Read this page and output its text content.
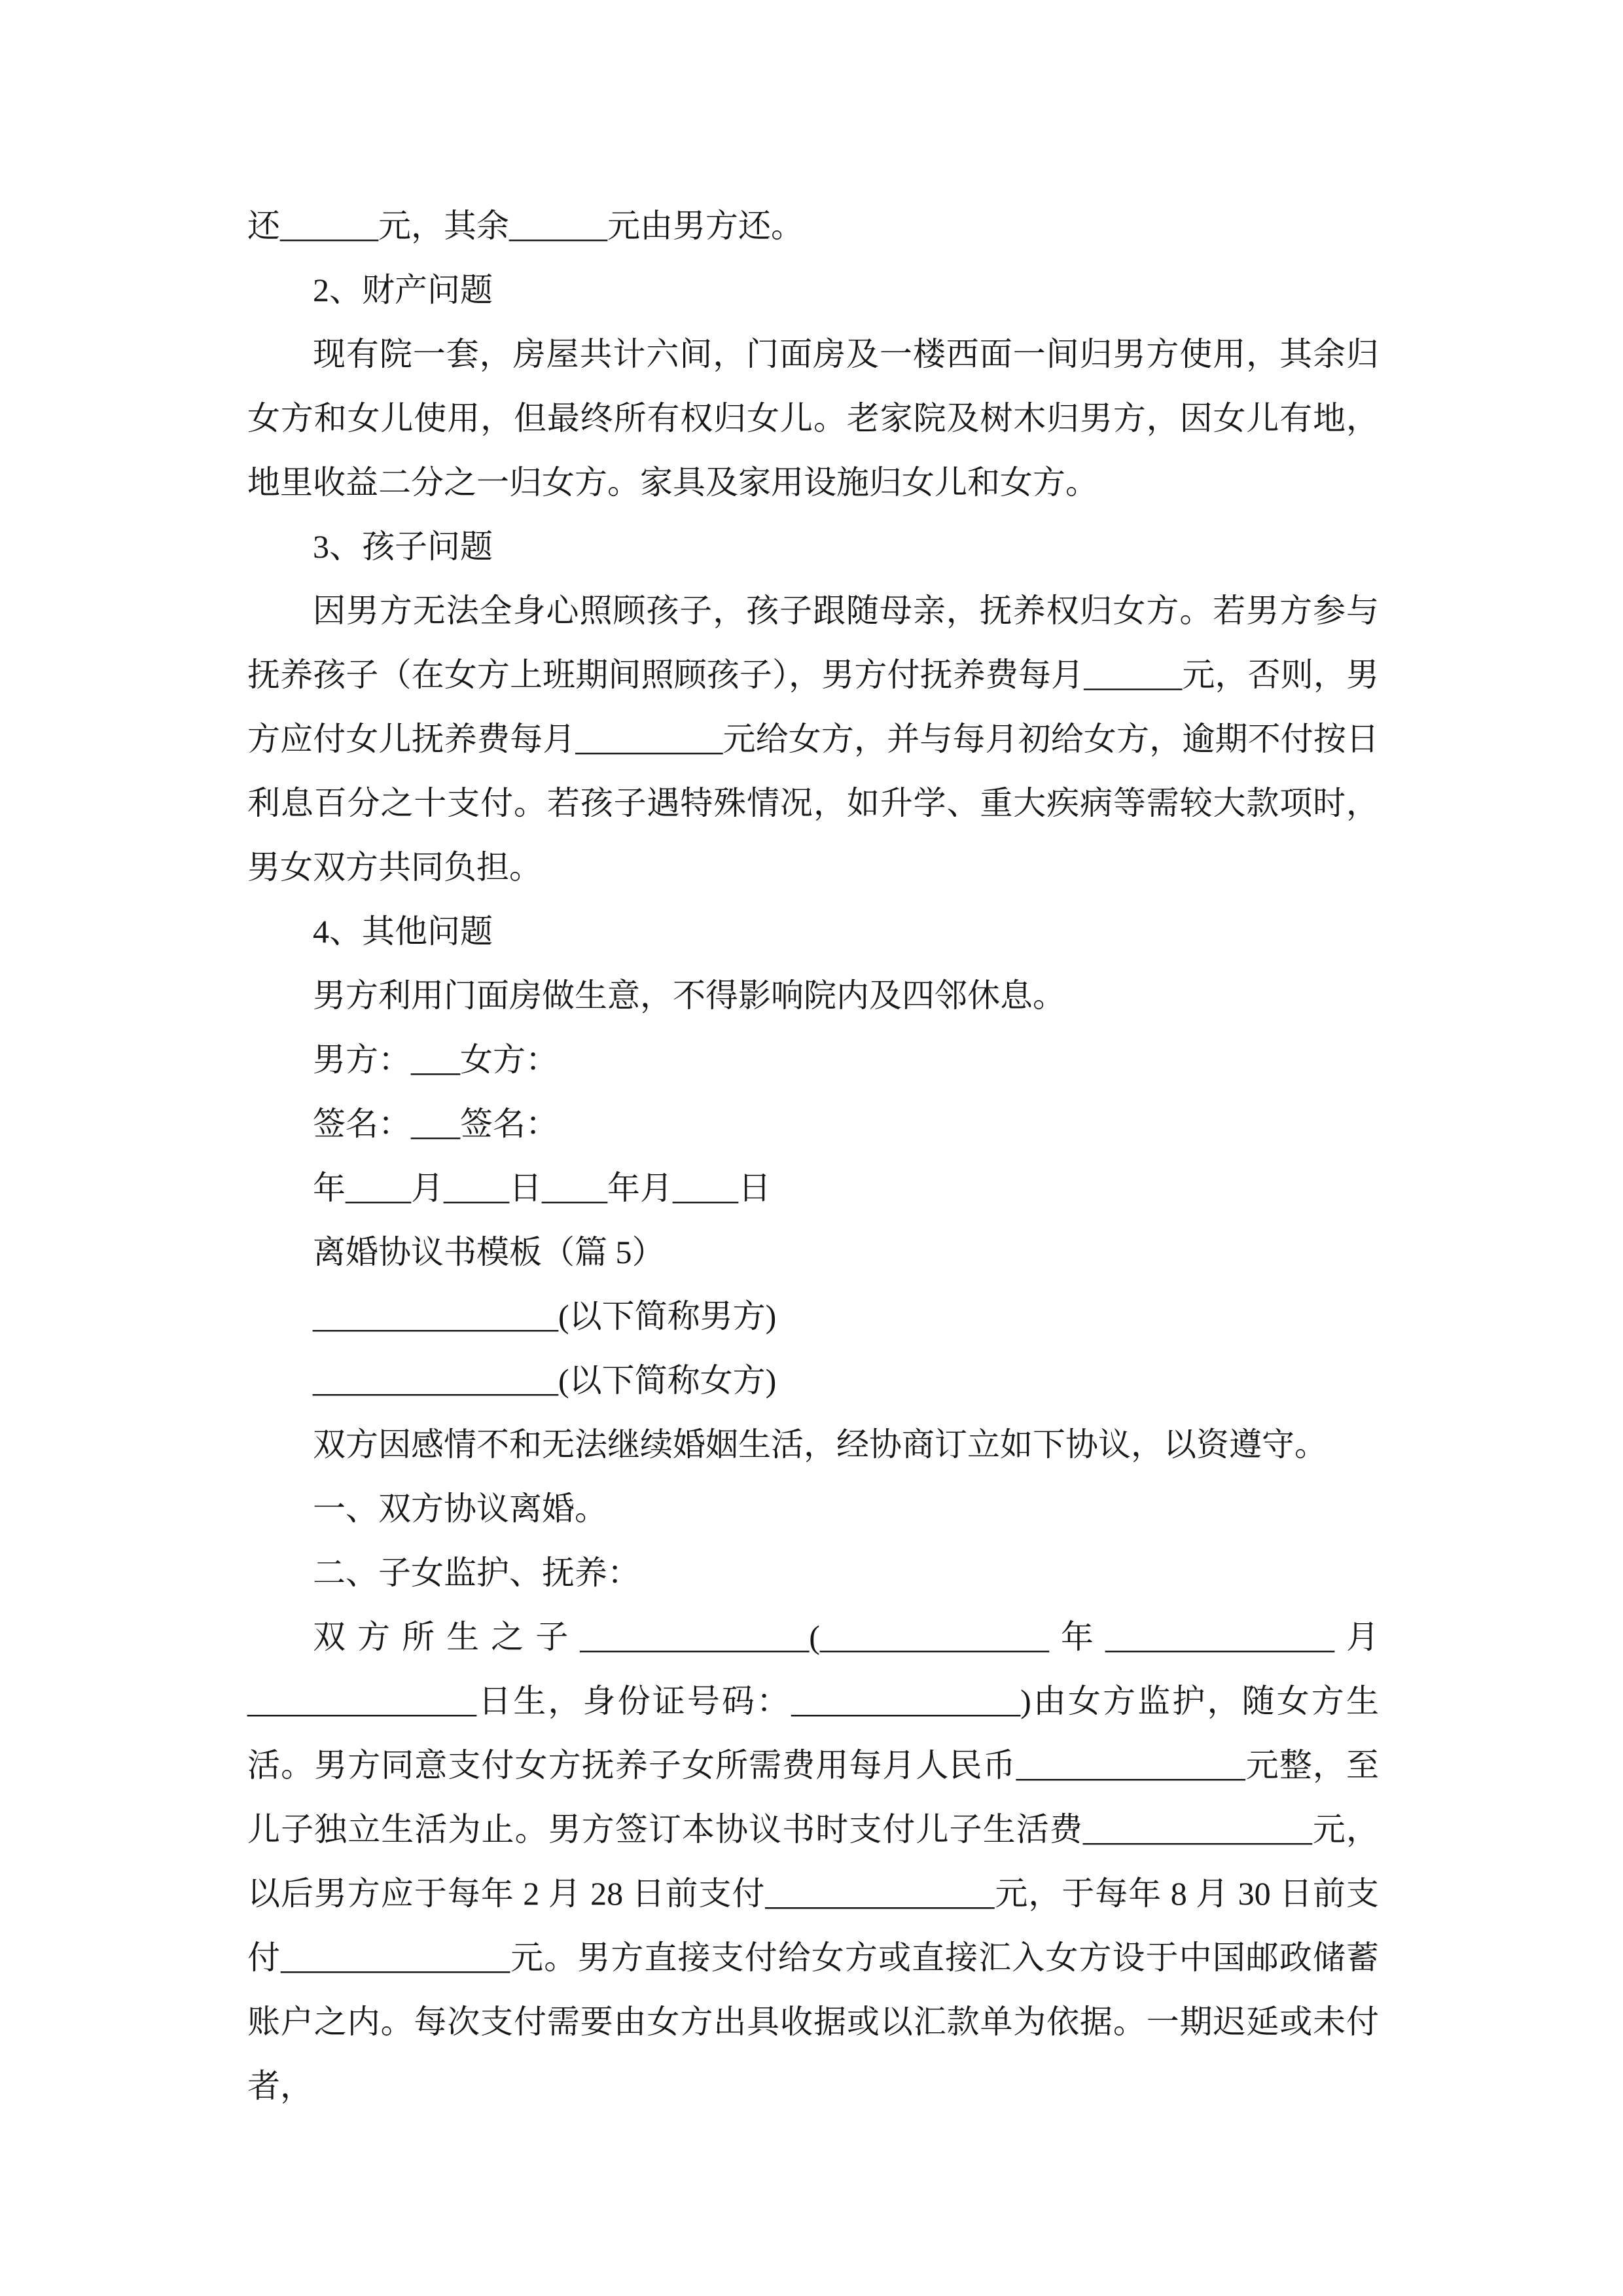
还______元，其余______元由男方还。

2、财产问题

现有院一套，房屋共计六间，门面房及一楼西面一间归男方使用，其余归女方和女儿使用，但最终所有权归女儿。老家院及树木归男方，因女儿有地，地里收益二分之一归女方。家具及家用设施归女儿和女方。

3、孩子问题

因男方无法全身心照顾孩子，孩子跟随母亲，抚养权归女方。若男方参与抚养孩子（在女方上班期间照顾孩子），男方付抚养费每月______元，否则，男方应付女儿抚养费每月_________元给女方，并与每月初给女方，逾期不付按日利息百分之十支付。若孩子遇特殊情况，如升学、重大疾病等需较大款项时，男女双方共同负担。

4、其他问题

男方利用门面房做生意，不得影响院内及四邻休息。

男方：___女方：

签名：___签名：

年____月____日____年月____日

离婚协议书模板（篇 5）

_______________(以下简称男方)

_______________(以下简称女方)

双方因感情不和无法继续婚姻生活，经协商订立如下协议，以资遵守。

一、双方协议离婚。

二、子女监护、抚养：

双方所生之子______________(______________年______________月______________日生，身份证号码：______________)由女方监护，随女方生活。男方同意支付女方抚养子女所需费用每月人民币______________元整，至儿子独立生活为止。男方签订本协议书时支付儿子生活费______________元，以后男方应于每年 2 月 28 日前支付______________元，于每年 8 月 30 日前支付______________元。男方直接支付给女方或直接汇入女方设于中国邮政储蓄账户之内。每次支付需要由女方出具收据或以汇款单为依据。一期迟延或未付者，
